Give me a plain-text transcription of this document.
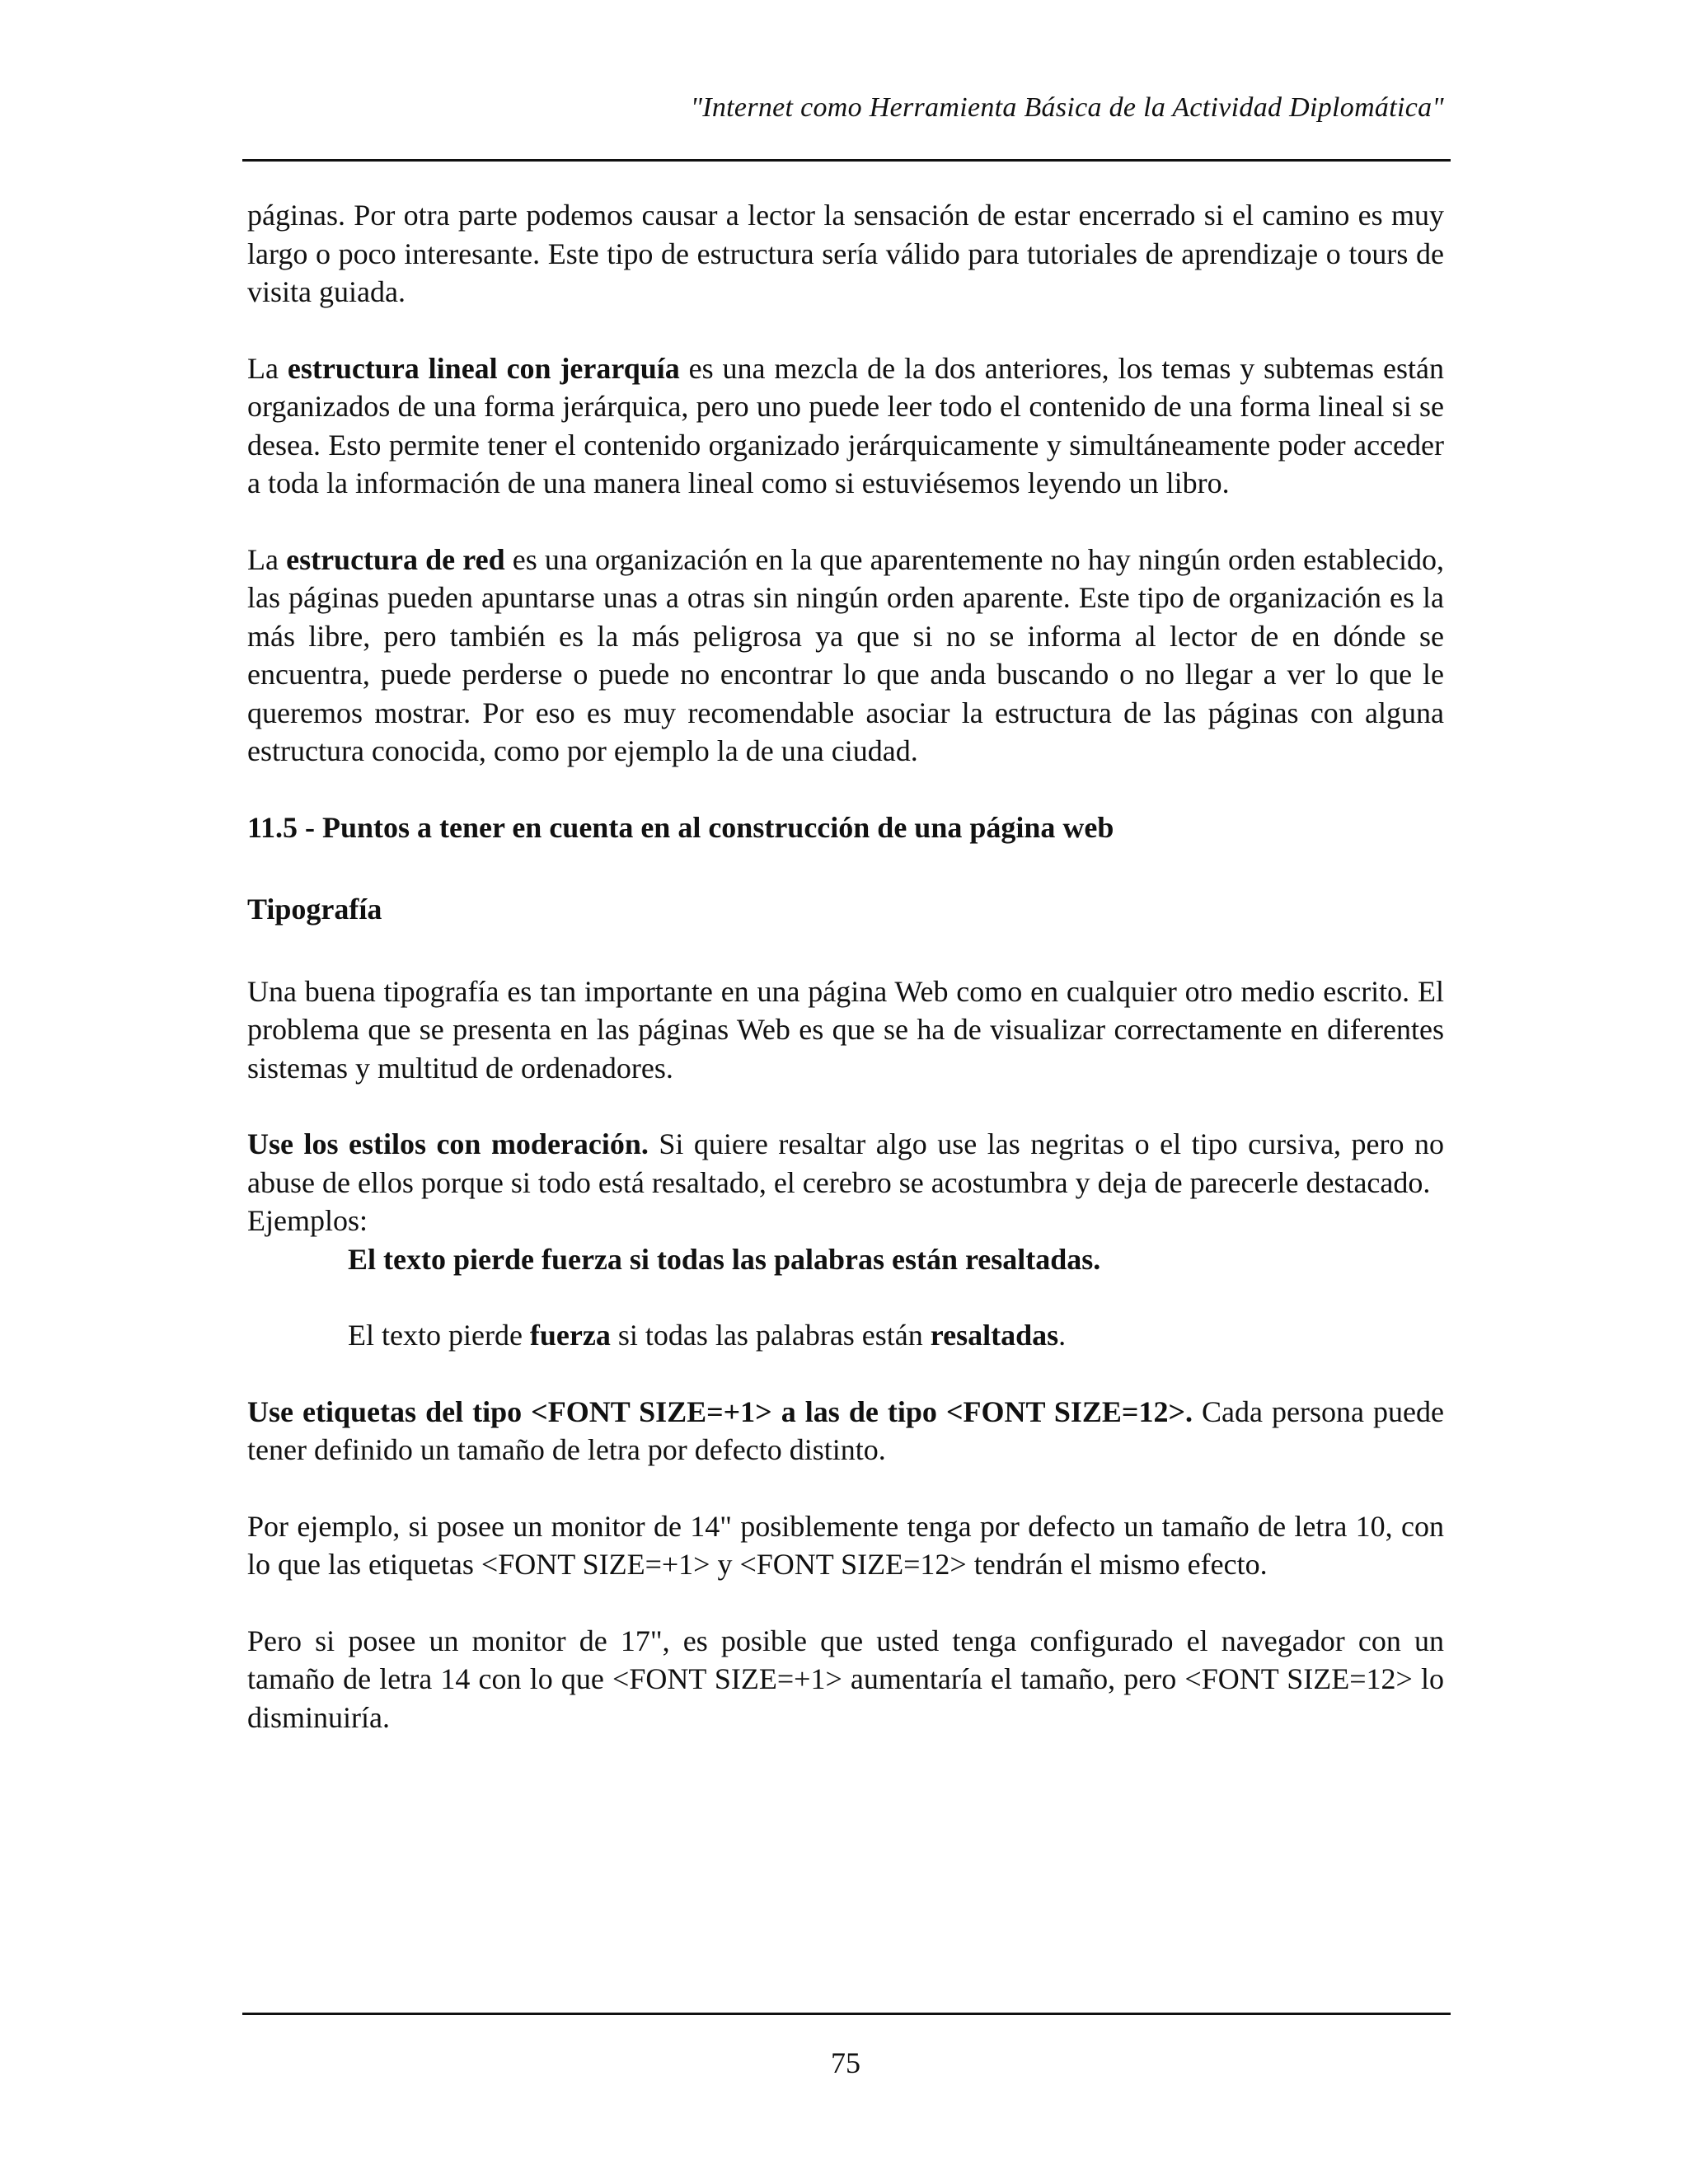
"Internet como Herramienta Básica de la Actividad Diplomática"

páginas. Por otra parte podemos causar a lector la sensación de estar encerrado si el camino es muy largo o poco interesante. Este tipo de estructura sería válido para tutoriales de aprendizaje o tours de visita guiada.

La estructura lineal con jerarquía es una mezcla de la dos anteriores, los temas y subtemas están organizados de una forma jerárquica, pero uno puede leer todo el contenido de una forma lineal si se desea. Esto permite tener el contenido organizado jerárquicamente y simultáneamente poder acceder a toda la información de una manera lineal como si estuviésemos leyendo un libro.

La estructura de red es una organización en la que aparentemente no hay ningún orden establecido, las páginas pueden apuntarse unas a otras sin ningún orden aparente. Este tipo de organización es la más libre, pero también es la más peligrosa ya que si no se informa al lector de en dónde se encuentra, puede perderse o puede no encontrar lo que anda buscando o no llegar a ver lo que le queremos mostrar. Por eso es muy recomendable asociar la estructura de las páginas con alguna estructura conocida, como por ejemplo la de una ciudad.

11.5 - Puntos a tener en cuenta en al construcción de una página web

Tipografía

Una buena tipografía es tan importante en una página Web como en cualquier otro medio escrito. El problema que se presenta en las páginas Web es que se ha de visualizar correctamente en diferentes sistemas y multitud de ordenadores.

Use los estilos con moderación. Si quiere resaltar algo use las negritas o el tipo cursiva, pero no abuse de ellos porque si todo está resaltado, el cerebro se acostumbra y deja de parecerle destacado.

Ejemplos:

El texto pierde fuerza si todas las palabras están resaltadas.

El texto pierde fuerza si todas las palabras están resaltadas.

Use etiquetas del tipo <FONT SIZE=+1> a las de tipo <FONT SIZE=12>. Cada persona puede tener definido un tamaño de letra por defecto distinto.

Por ejemplo, si posee un monitor de 14" posiblemente tenga por defecto un tamaño de letra 10, con lo que las etiquetas <FONT SIZE=+1> y <FONT SIZE=12> tendrán el mismo efecto.

Pero si posee un monitor de 17", es posible que usted tenga configurado el navegador con un tamaño de letra 14 con lo que <FONT SIZE=+1> aumentaría el tamaño, pero <FONT SIZE=12> lo disminuiría.

75
